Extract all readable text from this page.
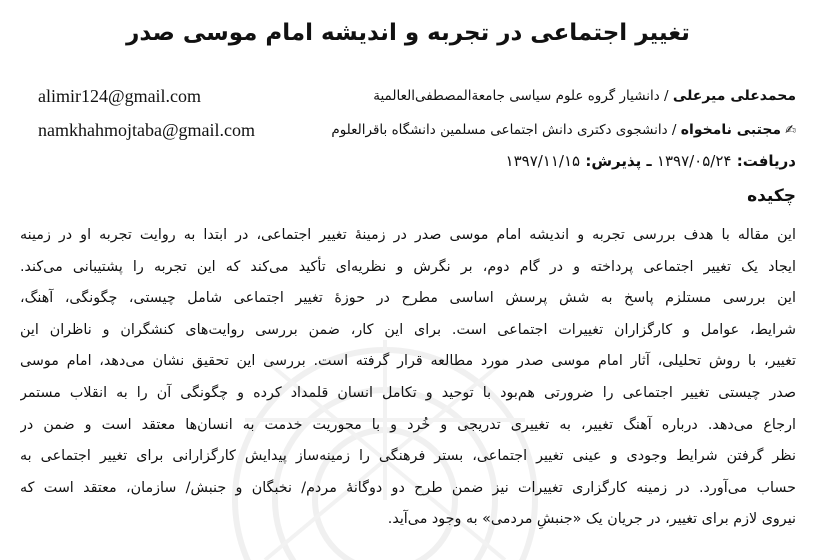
تغییر اجتماعی در تجربه و اندیشه امام موسی صدر
alimir124@gmail.com	محمدعلی میرعلی / دانشیار گروه علوم سیاسی جامعةالمصطفی‌العالمیة
namkhahmojtaba@gmail.com	✍مجتبی نامخواه / دانشجوی دکتری دانش اجتماعی مسلمین دانشگاه باقرالعلوم
دریافت: ۱۳۹۷/۰۵/۲۴ ـ پذیرش: ۱۳۹۷/۱۱/۱۵
چکیده
این مقاله با هدف بررسی تجربه و اندیشه امام موسی صدر در زمینهٔ تغییر اجتماعی، در ابتدا به روایت تجربه او در زمینه
ایجاد یک تغییر اجتماعی پرداخته و در گام دوم، بر نگرش و نظریه‌ای تأکید می‌کند که این تجربه را پشتیبانی می‌کند.
این بررسی مستلزم پاسخ به شش پرسش اساسی مطرح در حوزهٔ تغییر اجتماعی شامل چیستی، چگونگی، آهنگ،
شرایط، عوامل و کارگزاران تغییرات اجتماعی است. برای این کار، ضمن بررسی روایت‌های کنشگران و ناظران این
تغییر، با روش تحلیلی، آثار امام موسی صدر مورد مطالعه قرار گرفته است. بررسی این تحقیق نشان می‌دهد، امام موسی
صدر چیستی تغییر اجتماعی را ضرورتی هم‌بود با توحید و تکامل انسان قلمداد کرده و چگونگی آن را به انقلاب مستمر
ارجاع می‌دهد. درباره آهنگ تغییر، به تغییری تدریجی و خُرد و با محوریت خدمت به انسان‌ها معتقد است و ضمن در
نظر گرفتن شرایط وجودی و عینی تغییر اجتماعی، بستر فرهنگی را زمینه‌ساز پیدایش کارگزارانی برای تغییر اجتماعی به
حساب می‌آورد. در زمینه کارگزاری تغییرات نیز ضمن طرح دو دوگانهٔ مردم/ نخبگان و جنبش/ سازمان، معتقد است که
نیروی لازم برای تغییر، در جریان یک «جنبشِ مردمی» به وجود می‌آید.
